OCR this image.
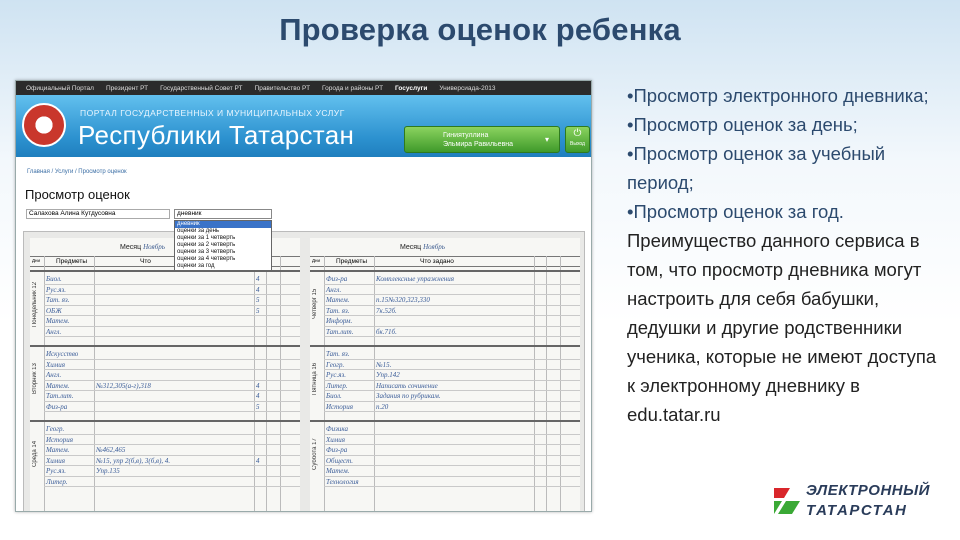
Проверка оценок ребенка
Официальный Портал	Президент РТ	Государственный Совет РТ	Правительство РТ	Города и районы РТ	Госуслуги	Универсиада-2013
ПОРТАЛ ГОСУДАРСТВЕННЫХ И МУНИЦИПАЛЬНЫХ УСЛУГ
Республики Татарстан	Гиниятуллина
Эльмира Равильевна
▾
⏻
Выход
Главная / Услуги / Просмотр оценок
Просмотр оценок
Салахова Алина Кутдусовна	дневник
дневник
оценки за день
оценки за 1 четверть
оценки за 2 четверть
оценки за 3 четверть
оценки за 4 четверть
оценки за год
Месяц Ноябрь
Дни Предметы	Что
Понедельник 12
Биол.	4
Рус.яз.	4
Тат. яз.	5
ОБЖ	5
Матем.
Англ.
Вторник 13
Искусство
Химия
Англ.
Матем.	№312,305(а-г),318	4
Тат.лит.	4
Физ-ра	5
Среда 14
Геогр.
История
Матем.	№462,465
Химия	№15, упр 2(б,в), 3(б,в), 4.	4
Рус.яз.	Упр.135
Литер.
Месяц Ноябрь
Дни Предметы	Что задано
Четверг 15
Физ-ра	Комплексные упражнения
Англ.
Матем.	п.15№320,323,330
Тат. яз.	7к.52б.
Информ.
Тат.лит.	бк.71б.
Пятница 16
Тат. яз.
Геогр.	№15.
Рус.яз.	Упр.142
Литер.	Написать сочинение
Биол.	Задания по рубрикам.
История	п.20
Суббота 17
Физика
Химия
Физ-ра
Общест.
Матем.
Технология
•Просмотр электронного дневника;
•Просмотр оценок за день;
•Просмотр оценок за учебный период;
•Просмотр оценок за год.
Преимущество данного сервиса в том, что просмотр дневника могут настроить для себя бабушки, дедушки и другие родственники ученика, которые не имеют доступа к электронному дневнику в edu.tatar.ru
ЭЛЕКТРОННЫЙ
ТАТАРСТАН
